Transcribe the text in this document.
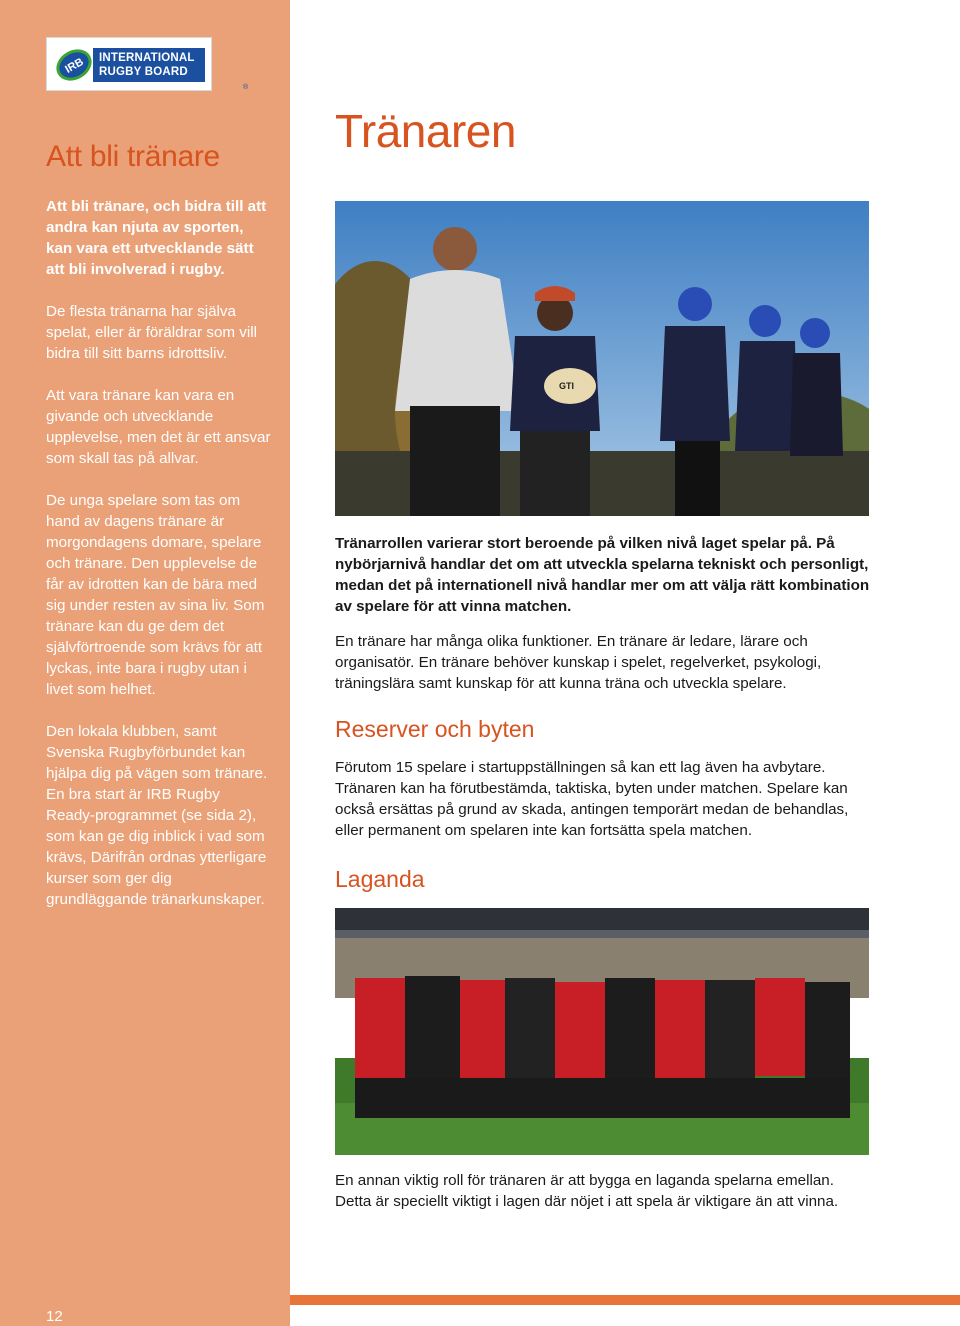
IRB INTERNATIONAL
RUGBY BOARD
®
Att bli tränare

Att bli tränare, och bidra till att andra kan njuta av sporten, kan vara ett utvecklande sätt att bli involverad i rugby.

De flesta tränarna har själva spelat, eller är föräldrar som vill bidra till sitt barns idrottsliv.

Att vara tränare kan vara en givande och utvecklande upplevelse, men det är ett ansvar som skall tas på allvar.

De unga spelare som tas om hand av dagens tränare är morgondagens domare, spelare och tränare. Den upplevelse de får av idrotten kan de bära med sig under resten av sina liv. Som tränare kan du ge dem det självförtroende som krävs för att lyckas, inte bara i rugby utan i livet som helhet.

Den lokala klubben, samt Svenska Rugbyförbundet kan hjälpa dig på vägen som tränare. En bra start är IRB Rugby Ready-programmet (se sida 2), som kan ge dig inblick i vad som krävs, Därifrån ordnas ytterligare kurser som ger dig grundläggande tränarkunskaper.

Tränaren
GTI
Tränarrollen varierar stort beroende på vilken nivå laget spelar på. På nybörjarnivå handlar det om att utveckla spelarna tekniskt och personligt, medan det på internationell nivå handlar mer om att välja rätt kombination av spelare för att vinna matchen.
En tränare har många olika funktioner. En tränare är ledare, lärare och organisatör. En tränare behöver kunskap i spelet, regelverket, psykologi, träningslära samt kunskap för att kunna träna och utveckla spelare.
Reserver och byten
Förutom 15 spelare i startuppställningen så kan ett lag även ha avbytare. Tränaren kan ha förutbestämda, taktiska, byten under matchen. Spelare kan också ersättas på grund av skada, antingen temporärt medan de behandlas, eller permanent om spelaren inte kan fortsätta spela matchen.
Laganda
En annan viktig roll för tränaren är att bygga en laganda spelarna emellan. Detta är speciellt viktigt i lagen där nöjet i att spela är viktigare än att vinna.
12
